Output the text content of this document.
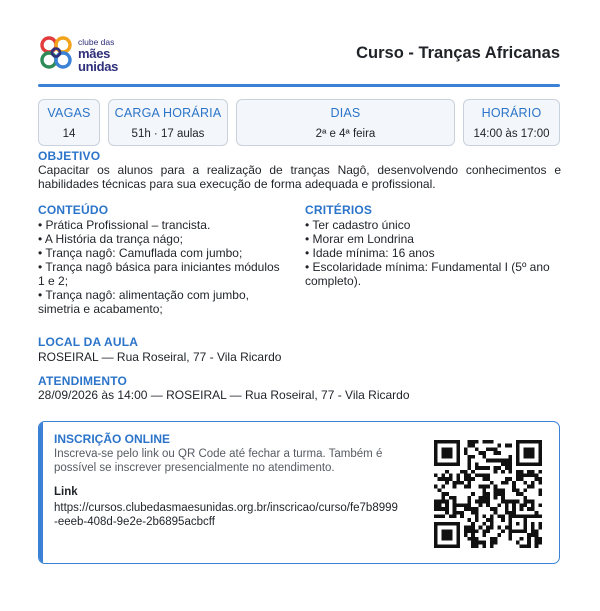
clube das
mães
unidas
Curso - Tranças Africanas
VAGAS
14
CARGA HORÁRIA
51h · 17 aulas
DIAS
2ª e 4ª feira
HORÁRIO
14:00 às 17:00
OBJETIVO
Capacitar os alunos para a realização de tranças Nagô, desenvolvendo conhecimentos e habilidades técnicas para sua execução de forma adequada e profissional.
CONTEÚDO
• Prática Profissional – trancista.
• A História da trança nágo;
• Trança nagô: Camuflada com jumbo;
• Trança nagô básica para iniciantes módulos 1 e 2;
• Trança nagô: alimentação com jumbo, simetria e acabamento;
CRITÉRIOS
• Ter cadastro único
• Morar em Londrina
• Idade mínima: 16 anos
• Escolaridade mínima: Fundamental I (5º ano completo).
LOCAL DA AULA
ROSEIRAL — Rua Roseiral, 77 - Vila Ricardo
ATENDIMENTO
28/09/2026 às 14:00 — ROSEIRAL — Rua Roseiral, 77 - Vila Ricardo
INSCRIÇÃO ONLINE
Inscreva-se pelo link ou QR Code até fechar a turma. Também é possível se inscrever presencialmente no atendimento.
Link
https://cursos.clubedasmaesunidas.org.br/inscricao/curso/fe7b8999-eeeb-408d-9e2e-2b6895acbcff
